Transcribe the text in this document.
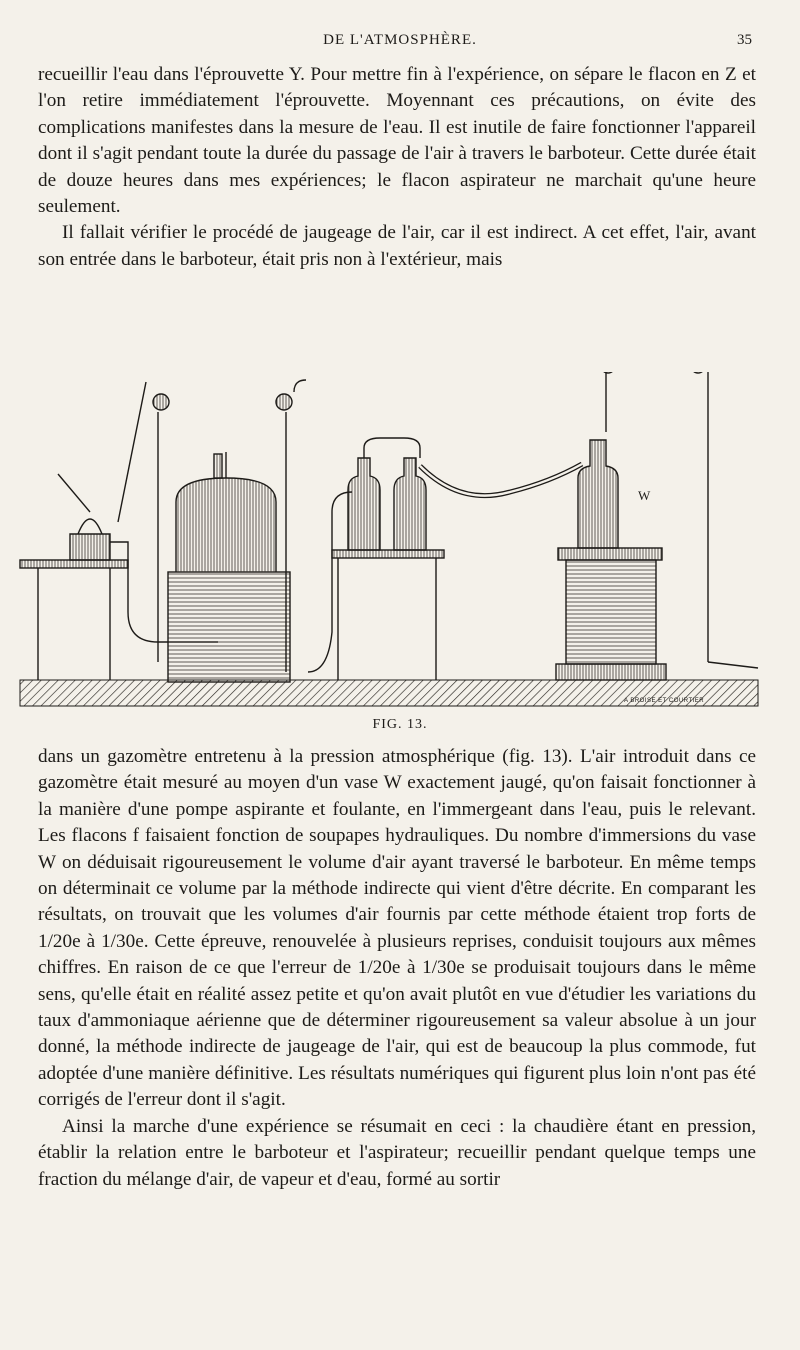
DE L'ATMOSPHÈRE.	35

recueillir l'eau dans l'éprouvette Y. Pour mettre fin à l'expérience, on sépare le flacon en Z et l'on retire immédiatement l'éprouvette. Moyennant ces précautions, on évite des complications manifestes dans la mesure de l'eau. Il est inutile de faire fonctionner l'appareil dont il s'agit pendant toute la durée du passage de l'air à travers le barboteur. Cette durée était de douze heures dans mes expériences; le flacon aspirateur ne marchait qu'une heure seulement.

Il fallait vérifier le procédé de jaugeage de l'air, car il est indirect. A cet effet, l'air, avant son entrée dans le barboteur, était pris non à l'extérieur, mais

W
A BROISE ET COURTIER
FIG. 13.

dans un gazomètre entretenu à la pression atmosphérique (fig. 13). L'air introduit dans ce gazomètre était mesuré au moyen d'un vase W exactement jaugé, qu'on faisait fonctionner à la manière d'une pompe aspirante et foulante, en l'immergeant dans l'eau, puis le relevant. Les flacons f faisaient fonction de soupapes hydrauliques. Du nombre d'immersions du vase W on déduisait rigoureusement le volume d'air ayant traversé le barboteur. En même temps on déterminait ce volume par la méthode indirecte qui vient d'être décrite. En comparant les résultats, on trouvait que les volumes d'air fournis par cette méthode étaient trop forts de 1/20e à 1/30e. Cette épreuve, renouvelée à plusieurs reprises, conduisit toujours aux mêmes chiffres. En raison de ce que l'erreur de 1/20e à 1/30e se produisait toujours dans le même sens, qu'elle était en réalité assez petite et qu'on avait plutôt en vue d'étudier les variations du taux d'ammoniaque aérienne que de déterminer rigoureusement sa valeur absolue à un jour donné, la méthode indirecte de jaugeage de l'air, qui est de beaucoup la plus commode, fut adoptée d'une manière définitive. Les résultats numériques qui figurent plus loin n'ont pas été corrigés de l'erreur dont il s'agit.

Ainsi la marche d'une expérience se résumait en ceci : la chaudière étant en pression, établir la relation entre le barboteur et l'aspirateur; recueillir pendant quelque temps une fraction du mélange d'air, de vapeur et d'eau, formé au sortir
